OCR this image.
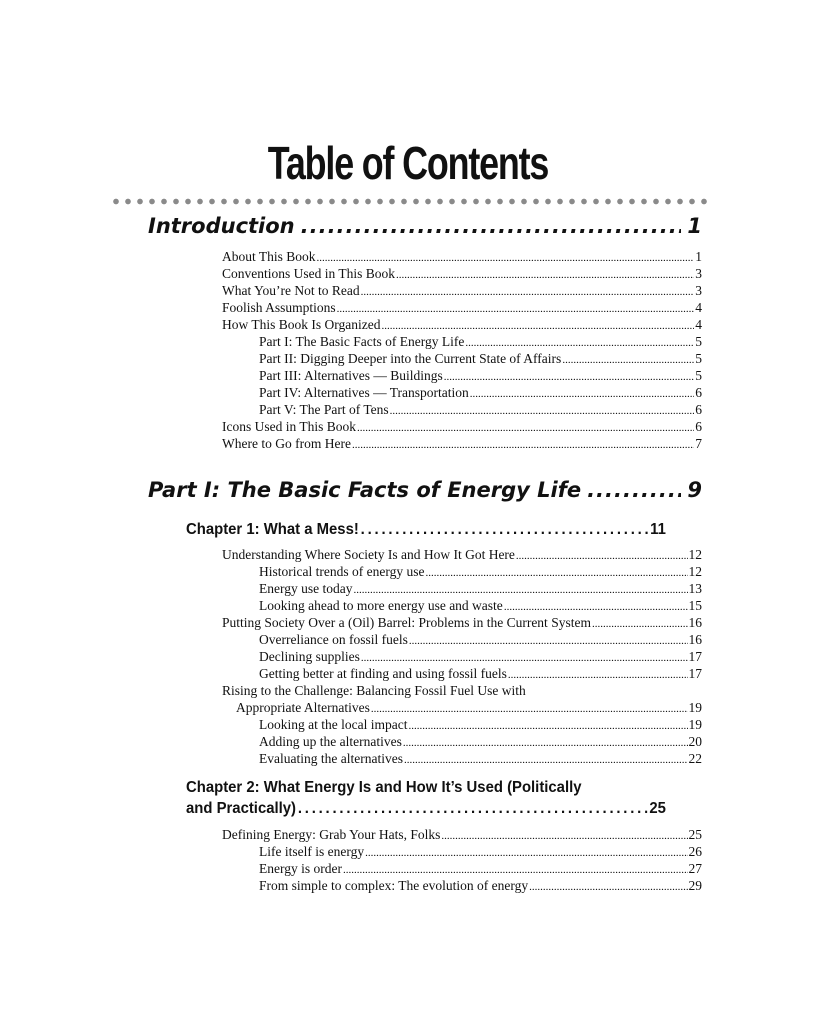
Table of Contents
Introduction .....	1
About This Book .....	1
Conventions Used in This Book .....	3
What You’re Not to Read .....	3
Foolish Assumptions .....	4
How This Book Is Organized .....	4
Part I: The Basic Facts of Energy Life .....	5
Part II: Digging Deeper into the Current State of Affairs .....	5
Part III: Alternatives — Buildings .....	5
Part IV: Alternatives — Transportation .....	6
Part V: The Part of Tens .....	6
Icons Used in This Book .....	6
Where to Go from Here .....	7
Part I: The Basic Facts of Energy Life .....	9
Chapter 1: What a Mess! .....	11
Understanding Where Society Is and How It Got Here .....	12
Historical trends of energy use .....	12
Energy use today .....	13
Looking ahead to more energy use and waste .....	15
Putting Society Over a (Oil) Barrel: Problems in the Current System .....	16
Overreliance on fossil fuels .....	16
Declining supplies .....	17
Getting better at finding and using fossil fuels .....	17
Rising to the Challenge: Balancing Fossil Fuel Use with
Appropriate Alternatives .....	19
Looking at the local impact .....	19
Adding up the alternatives .....	20
Evaluating the alternatives .....	22
Chapter 2: What Energy Is and How It’s Used (Politically
and Practically) .....	25
Defining Energy: Grab Your Hats, Folks .....	25
Life itself is energy .....	26
Energy is order .....	27
From simple to complex: The evolution of energy .....	29
